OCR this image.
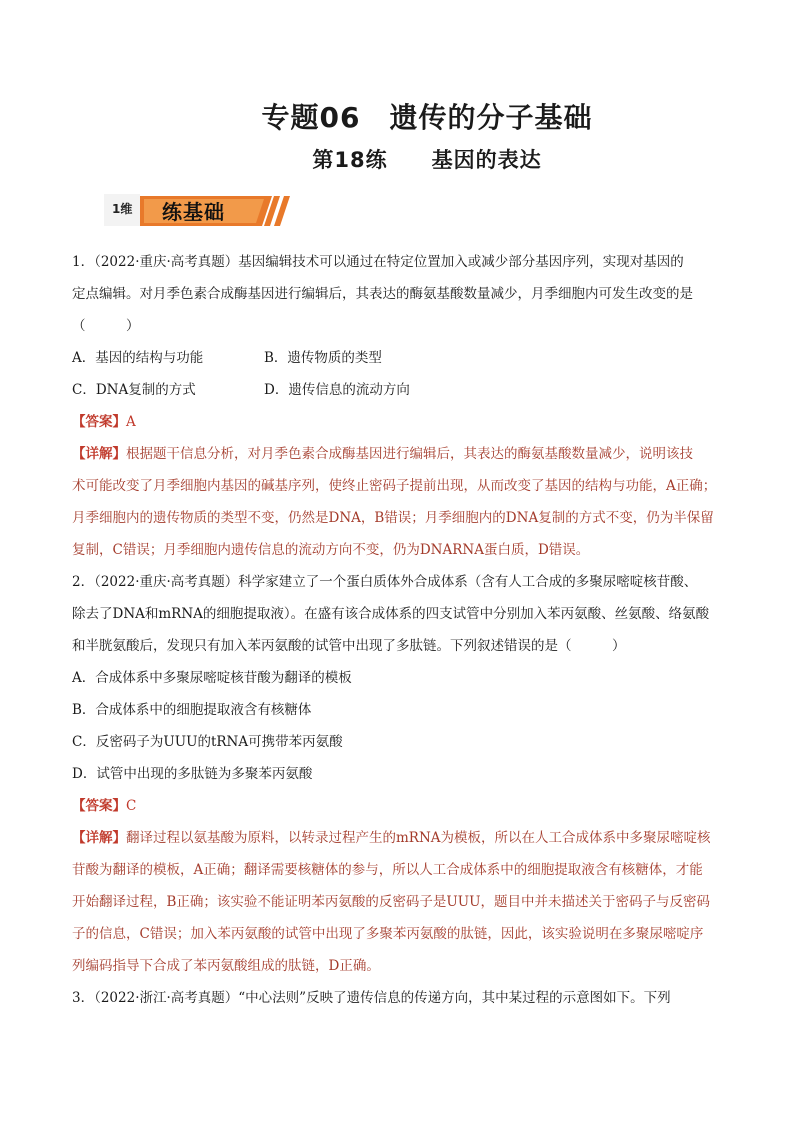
专题06　遗传的分子基础
第18练　　基因的表达
1维 练基础
1．（2022·重庆·高考真题）基因编辑技术可以通过在特定位置加入或减少部分基因序列，实现对基因的
定点编辑。对月季色素合成酶基因进行编辑后，其表达的酶氨基酸数量减少，月季细胞内可发生改变的是
（　　　）
A．基因的结构与功能	B．遗传物质的类型
C．DNA复制的方式	D．遗传信息的流动方向
【答案】A
【详解】根据题干信息分析，对月季色素合成酶基因进行编辑后，其表达的酶氨基酸数量减少，说明该技
术可能改变了月季细胞内基因的碱基序列，使终止密码子提前出现，从而改变了基因的结构与功能，A正确；
月季细胞内的遗传物质的类型不变，仍然是DNA，B错误；月季细胞内的DNA复制的方式不变，仍为半保留
复制，C错误；月季细胞内遗传信息的流动方向不变，仍为DNARNA蛋白质，D错误。
2．（2022·重庆·高考真题）科学家建立了一个蛋白质体外合成体系（含有人工合成的多聚尿嘧啶核苷酸、
除去了DNA和mRNA的细胞提取液）。在盛有该合成体系的四支试管中分别加入苯丙氨酸、丝氨酸、络氨酸
和半胱氨酸后，发现只有加入苯丙氨酸的试管中出现了多肽链。下列叙述错误的是（　　　）
A．合成体系中多聚尿嘧啶核苷酸为翻译的模板
B．合成体系中的细胞提取液含有核糖体
C．反密码子为UUU的tRNA可携带苯丙氨酸
D．试管中出现的多肽链为多聚苯丙氨酸
【答案】C
【详解】翻译过程以氨基酸为原料，以转录过程产生的mRNA为模板，所以在人工合成体系中多聚尿嘧啶核
苷酸为翻译的模板，A正确；翻译需要核糖体的参与，所以人工合成体系中的细胞提取液含有核糖体，才能
开始翻译过程，B正确；该实验不能证明苯丙氨酸的反密码子是UUU，题目中并未描述关于密码子与反密码
子的信息，C错误；加入苯丙氨酸的试管中出现了多聚苯丙氨酸的肽链，因此，该实验说明在多聚尿嘧啶序
列编码指导下合成了苯丙氨酸组成的肽链，D正确。
3．（2022·浙江·高考真题）“中心法则”反映了遗传信息的传递方向，其中某过程的示意图如下。下列
